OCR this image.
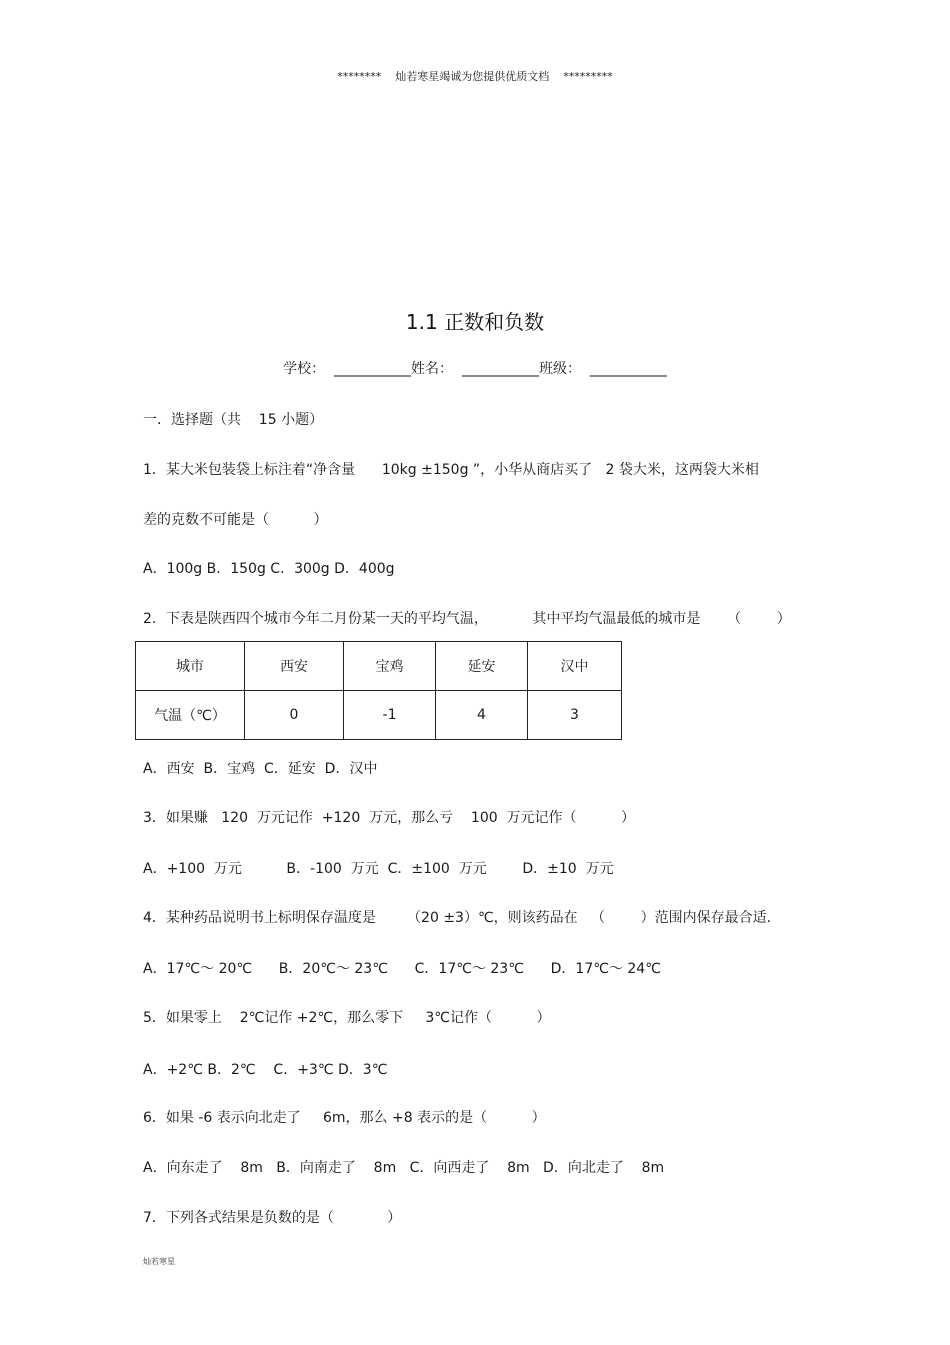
********    灿若寒星竭诚为您提供优质文档    *********
1.1 正数和负数
学校：  ___________姓名：  ___________班级：  ___________
一．选择题（共    15 小题）
1．某大米包装袋上标注着“净含量      10kg ±150g ”，小华从商店买了   2 袋大米，这两袋大米相
差的克数不可能是（          ）
A．100g B．150g C．300g D．400g
2．下表是陕西四个城市今年二月份某一天的平均气温，          其中平均气温最低的城市是      （        ）
城市	西安	宝鸡	延安	汉中
气温（℃）	0	-1	4	3
A．西安  B．宝鸡  C．延安  D．汉中
3．如果赚   120  万元记作  +120  万元，那么亏    100  万元记作（          ）
A．+100  万元          B．-100  万元  C．±100  万元        D．±10  万元
4．某种药品说明书上标明保存温度是       （20 ±3）℃，则该药品在   （        ）范围内保存最合适.
A．17℃～ 20℃      B．20℃～ 23℃      C．17℃～ 23℃      D．17℃～ 24℃
5．如果零上    2℃记作 +2℃，那么零下     3℃记作（          ）
A．+2℃ B．2℃    C．+3℃ D．3℃
6．如果 -6 表示向北走了     6m，那么 +8 表示的是（          ）
A．向东走了    8m   B．向南走了    8m   C．向西走了    8m   D．向北走了    8m
7．下列各式结果是负数的是（            ）
灿若寒星
